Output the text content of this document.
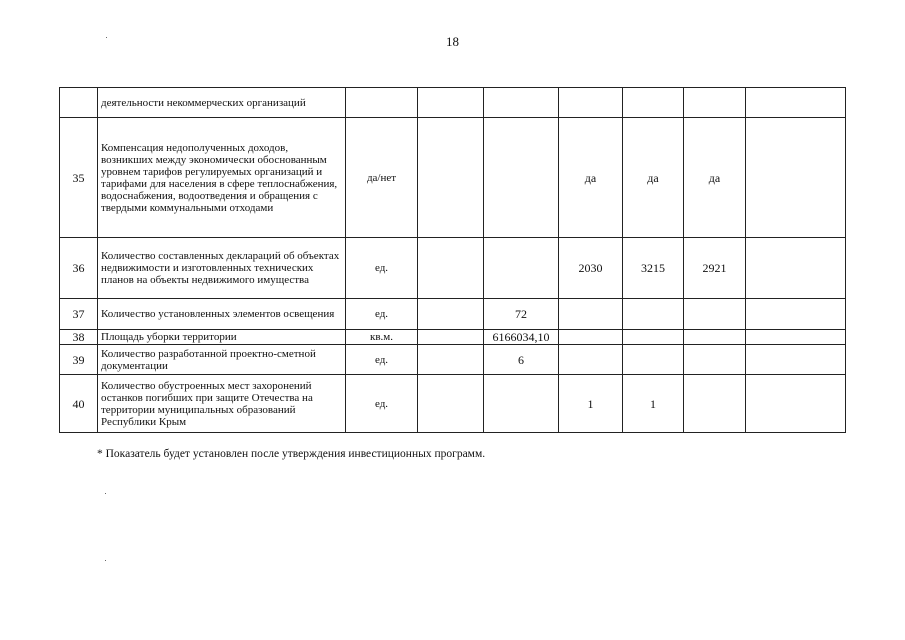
18
	деятельности некоммерческих организаций							
35	Компенсация недополученных доходов, возникших между экономически обоснованным уровнем тарифов регулируемых организаций и тарифами для населения в сфере теплоснабжения, водоснабжения, водоотведения и обращения с твердыми коммунальными отходами	да/нет			да	да	да	
36	Количество составленных деклараций об объектах недвижимости и изготовленных технических планов на объекты недвижимого имущества	ед.			2030	3215	2921	
37	Количество установленных элементов освещения	ед.		72				
38	Площадь уборки территории	кв.м.		6166034,10				
39	Количество разработанной проектно-сметной документации	ед.		6				
40	Количество обустроенных мест захоронений останков погибших при защите Отечества на территории муниципальных образований Республики Крым	ед.			1	1		
* Показатель будет установлен после утверждения инвестиционных программ.
